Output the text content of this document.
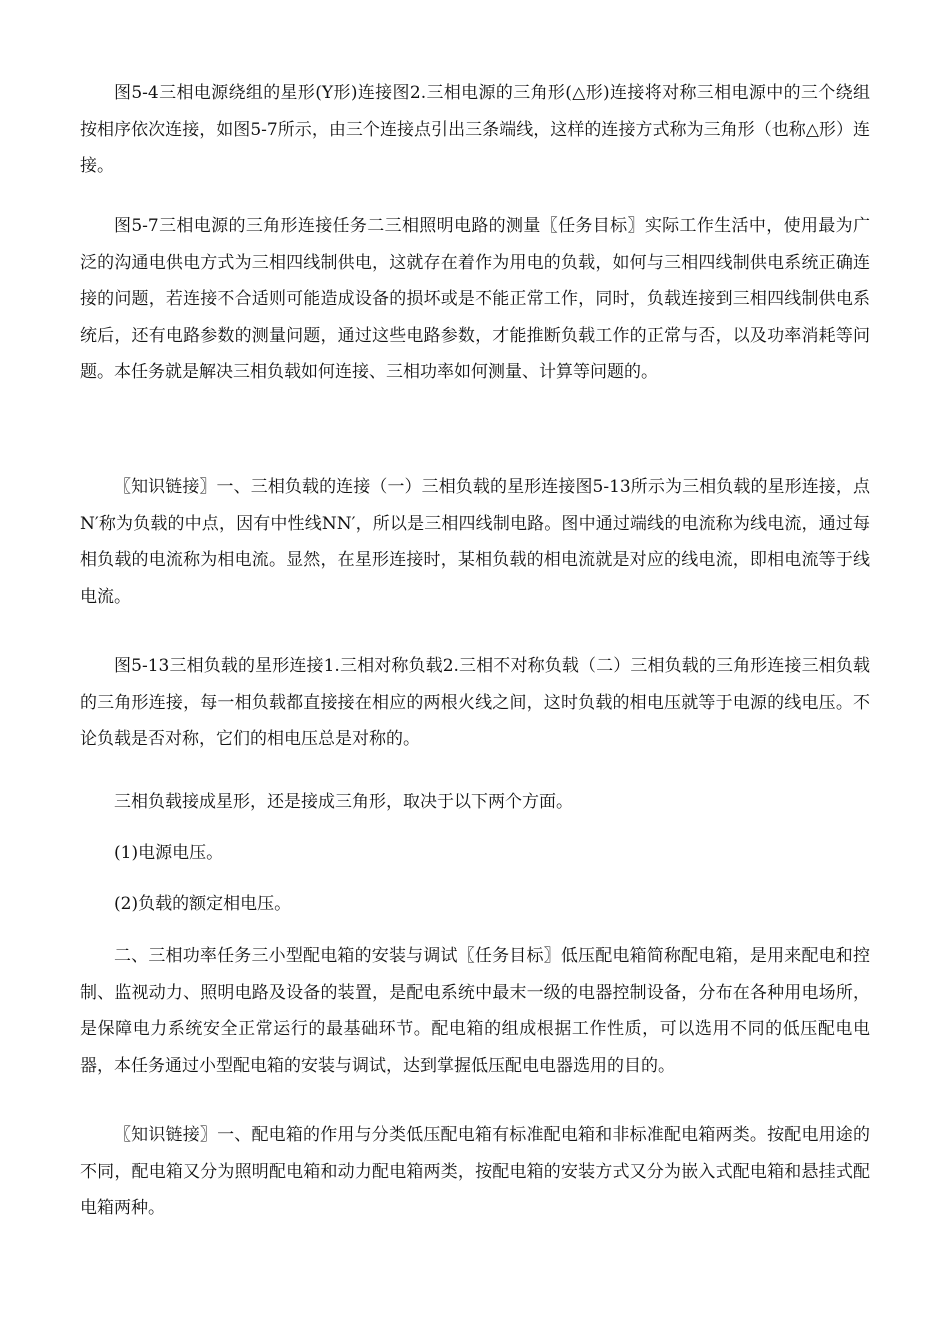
图5-4三相电源绕组的星形(Y形)连接图2.三相电源的三角形(△形)连接将对称三相电源中的三个绕组按相序依次连接，如图5-7所示，由三个连接点引出三条端线，这样的连接方式称为三角形（也称△形）连接。

图5-7三相电源的三角形连接任务二三相照明电路的测量〖任务目标〗实际工作生活中，使用最为广泛的沟通电供电方式为三相四线制供电，这就存在着作为用电的负载，如何与三相四线制供电系统正确连接的问题，若连接不合适则可能造成设备的损坏或是不能正常工作，同时，负载连接到三相四线制供电系统后，还有电路参数的测量问题，通过这些电路参数，才能推断负载工作的正常与否，以及功率消耗等问题。本任务就是解决三相负载如何连接、三相功率如何测量、计算等问题的。

〖知识链接〗一、三相负载的连接（一）三相负载的星形连接图5-13所示为三相负载的星形连接，点N′称为负载的中点，因有中性线NN′，所以是三相四线制电路。图中通过端线的电流称为线电流，通过每相负载的电流称为相电流。显然，在星形连接时，某相负载的相电流就是对应的线电流，即相电流等于线电流。

图5-13三相负载的星形连接1.三相对称负载2.三相不对称负载（二）三相负载的三角形连接三相负载的三角形连接，每一相负载都直接接在相应的两根火线之间，这时负载的相电压就等于电源的线电压。不论负载是否对称，它们的相电压总是对称的。

三相负载接成星形，还是接成三角形，取决于以下两个方面。

(1)电源电压。

(2)负载的额定相电压。

二、三相功率任务三小型配电箱的安装与调试〖任务目标〗低压配电箱简称配电箱，是用来配电和控制、监视动力、照明电路及设备的装置，是配电系统中最末一级的电器控制设备，分布在各种用电场所，是保障电力系统安全正常运行的最基础环节。配电箱的组成根据工作性质，可以选用不同的低压配电电器，本任务通过小型配电箱的安装与调试，达到掌握低压配电电器选用的目的。

〖知识链接〗一、配电箱的作用与分类低压配电箱有标准配电箱和非标准配电箱两类。按配电用途的不同，配电箱又分为照明配电箱和动力配电箱两类，按配电箱的安装方式又分为嵌入式配电箱和悬挂式配电箱两种。
